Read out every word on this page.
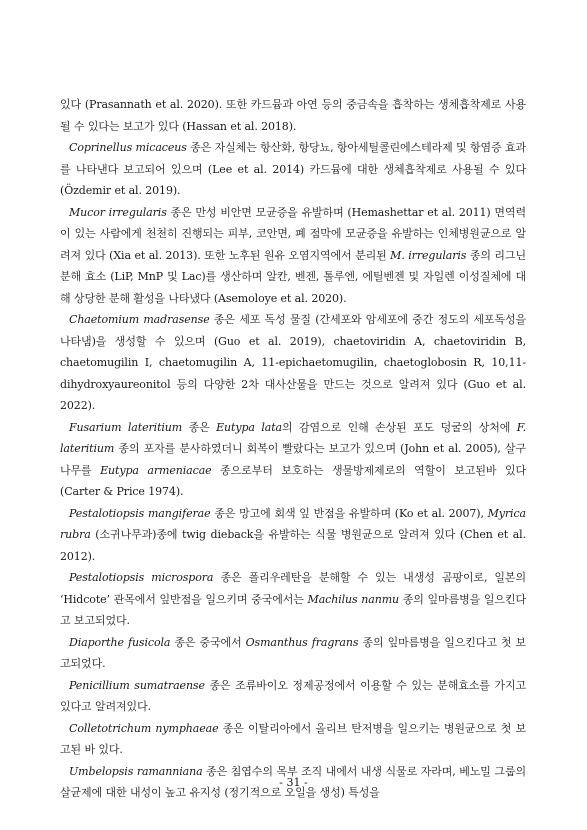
있다 (Prasannath et al. 2020). 또한 카드뮴과 아연 등의 중금속을 흡착하는 생체흡착제로 사용될 수 있다는 보고가 있다 (Hassan et al. 2018).

Coprinellus micaceus 종은 자실체는 항산화, 항당뇨, 항아세틸콜린에스테라제 및 항염증 효과를 나타낸다 보고되어 있으며 (Lee et al. 2014) 카드뮴에 대한 생체흡착제로 사용될 수 있다 (Özdemir et al. 2019).

Mucor irregularis 종은 만성 비안면 모균증을 유발하며 (Hemashettar et al. 2011) 면역력이 있는 사람에게 천천히 진행되는 피부, 코안면, 폐 점막에 모균증을 유발하는 인체병원균으로 알려져 있다 (Xia et al. 2013). 또한 노후된 원유 오염지역에서 분리된 M. irregularis 종의 리그닌 분해 효소 (LiP, MnP 및 Lac)를 생산하며 알칸, 벤젠, 톨루엔, 에틸벤젠 및 자일렌 이성질체에 대해 상당한 분해 활성을 나타냈다 (Asemoloye et al. 2020).

Chaetomium madrasense 종은 세포 독성 물질 (간세포와 암세포에 중간 정도의 세포독성을 나타냄)을 생성할 수 있으며 (Guo et al. 2019), chaetoviridin A, chaetoviridin B, chaetomugilin I, chaetomugilin A, 11-epichaetomugilin, chaetoglobosin R, 10,11-dihydroxyaureonitol 등의 다양한 2차 대사산물을 만드는 것으로 알려져 있다 (Guo et al. 2022).

Fusarium lateritium 종은 Eutypa lata의 감염으로 인해 손상된 포도 덩굴의 상처에 F. lateritium 종의 포자를 분사하였더니 회복이 빨랐다는 보고가 있으며 (John et al. 2005), 살구나무를 Eutypa armeniacae 종으로부터 보호하는 생물방제제로의 역할이 보고된바 있다 (Carter & Price 1974).

Pestalotiopsis mangiferae 종은 망고에 회색 잎 반점을 유발하며 (Ko et al. 2007), Myrica rubra (소귀나무과)종에 twig dieback을 유발하는 식물 병원균으로 알려져 있다 (Chen et al. 2012).

Pestalotiopsis microspora 종은 폴리우레탄을 분해할 수 있는 내생성 곰팡이로, 일본의 ‘Hidcote’ 관목에서 잎반점을 일으키며 중국에서는 Machilus nanmu 종의 잎마름병을 일으킨다고 보고되었다.

Diaporthe fusicola 종은 중국에서 Osmanthus fragrans 종의 잎마름병을 일으킨다고 첫 보고되었다.

Penicillium sumatraense 종은 조류바이오 정제공정에서 이용할 수 있는 분해효소를 가지고 있다고 알려져있다.

Colletotrichum nymphaeae 종은 이탈리아에서 올리브 탄저병을 일으키는 병원균으로 첫 보고된 바 있다.

Umbelopsis ramanniana 종은 침엽수의 목부 조직 내에서 내생 식물로 자라며, 베노밀 그룹의 살균제에 대한 내성이 높고 유지성 (정기적으로 오일을 생성) 특성을

- 31 -
